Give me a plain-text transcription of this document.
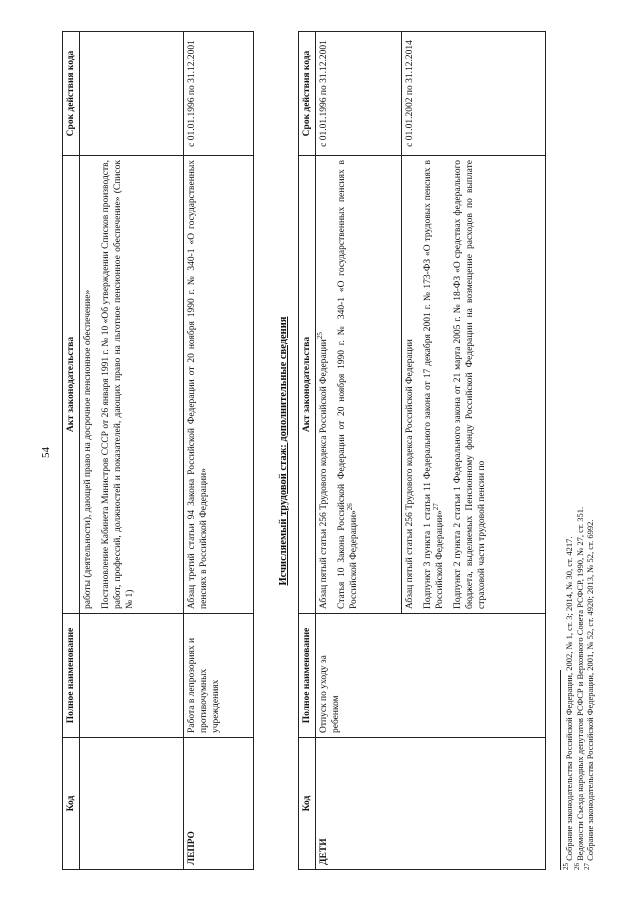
54
Код	Полное наименование	Акт законодательства	Срок действия кода

		работы (деятельности), дающей право на досрочное пенсионное обеспечение» Постановление Кабинета Министров СССР от 26 января 1991 г. № 10 «Об утверждении Списков производств, работ, профессий, должностей и показателей, дающих право на льготное пенсионное обеспечение» (Список № 1)	

ЛЕПРО	Работа в лепрозориях и противочумных учреждениях	Абзац третий статьи 94 Закона Российской Федерации от 20 ноября 1990 г. № 340-1 «О государственных пенсиях в Российской Федерации»	с 01.01.1996 по 31.12.2001
Исчисляемый трудовой стаж: дополнительные сведения
Код	Полное наименование	Акт законодательства	Срок действия кода
ДЕТИ	Отпуск по уходу за ребенком	Абзац пятый статьи 256 Трудового кодекса Российской Федерации$^{25}$ Статья 10 Закона Российской Федерации от 20 ноября 1990 г. № 340-1 «О государственных пенсиях в Российской Федерации»$^{26}$	с 01.01.1996 по 31.12.2001

		Абзац пятый статьи 256 Трудового кодекса Российской Федерации Подпункт 3 пункта 1 статьи 11 Федерального закона от 17 декабря 2001 г. № 173-ФЗ «О трудовых пенсиях в Российской Федерации»$^{27}$ Подпункт 2 пункта 2 статьи 1 Федерального закона от 21 марта 2005 г. № 18-ФЗ «О средствах федерального бюджета, выделяемых Пенсионному фонду Российской Федерации на возмещение расходов по выплате страховой части трудовой пенсии по	с 01.01.2002 по 31.12.2014
$^{25}$ Собрание законодательства Российской Федерации, 2002, № 1, ст. 3; 2014, № 30, ст. 4217.
$^{26}$ Ведомости Съезда народных депутатов РСФСР и Верховного Совета РСФСР, 1990, № 27, ст. 351.
$^{27}$ Собрание законодательства Российской Федерации, 2001, № 52, ст. 4920; 2013, № 52, ст. 6992.
